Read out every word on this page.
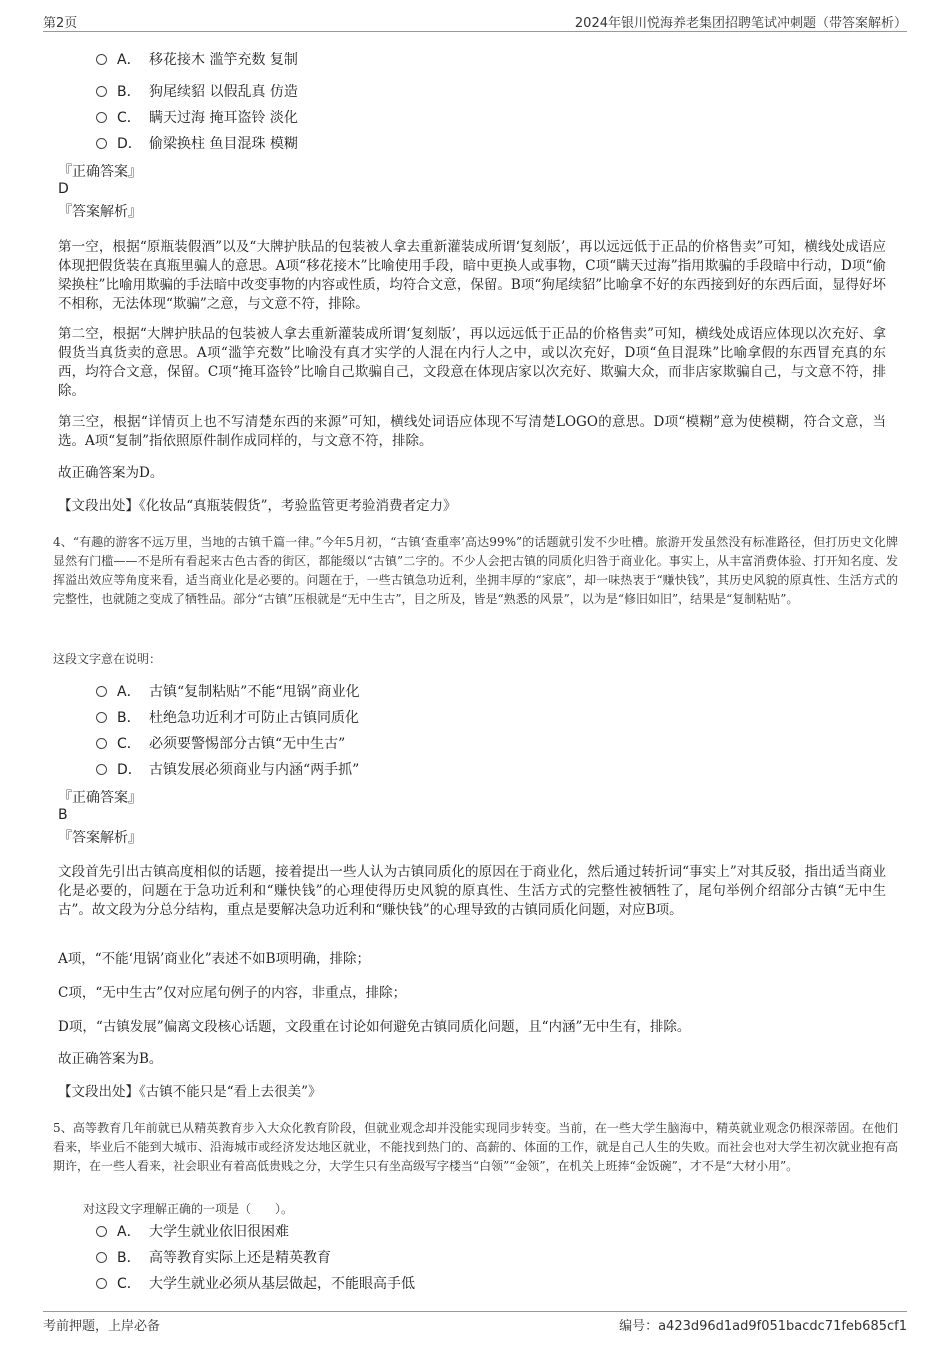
第2页	2024年银川悦海养老集团招聘笔试冲刺题（带答案解析）
A． 移花接木 滥竽充数 复制
B． 狗尾续貂 以假乱真 仿造
C． 瞒天过海 掩耳盗铃 淡化
D． 偷梁换柱 鱼目混珠 模糊
『正确答案』
D
『答案解析』
第一空，根据“原瓶装假酒”以及“大牌护肤品的包装被人拿去重新灌装成所谓‘复刻版’，再以远远低于正品的价格售卖”可知，横线处成语应体现把假货装在真瓶里骗人的意思。A项“移花接木”比喻使用手段，暗中更换人或事物，C项“瞒天过海”指用欺骗的手段暗中行动，D项“偷梁换柱”比喻用欺骗的手法暗中改变事物的内容或性质，均符合文意，保留。B项“狗尾续貂”比喻拿不好的东西接到好的东西后面，显得好坏不相称，无法体现“欺骗”之意，与文意不符，排除。
第二空，根据“大牌护肤品的包装被人拿去重新灌装成所谓‘复刻版’，再以远远低于正品的价格售卖”可知，横线处成语应体现以次充好、拿假货当真货卖的意思。A项“滥竽充数”比喻没有真才实学的人混在内行人之中，或以次充好，D项“鱼目混珠”比喻拿假的东西冒充真的东西，均符合文意，保留。C项“掩耳盗铃”比喻自己欺骗自己，文段意在体现店家以次充好、欺骗大众，而非店家欺骗自己，与文意不符，排除。
第三空，根据“详情页上也不写清楚东西的来源”可知，横线处词语应体现不写清楚LOGO的意思。D项“模糊”意为使模糊，符合文意，当选。A项“复制”指依照原件制作成同样的，与文意不符，排除。
故正确答案为D。
【文段出处】《化妆品“真瓶装假货”，考验监管更考验消费者定力》
4、“有趣的游客不远万里，当地的古镇千篇一律。”今年5月初，“古镇‘查重率’高达99%”的话题就引发不少吐槽。旅游开发虽然没有标准路径，但打历史文化牌显然有门槛——不是所有看起来古色古香的街区，都能缀以“古镇”二字的。不少人会把古镇的同质化归咎于商业化。事实上，从丰富消费体验、打开知名度、发挥溢出效应等角度来看，适当商业化是必要的。问题在于，一些古镇急功近利，坐拥丰厚的“家底”，却一味热衷于“赚快钱”，其历史风貌的原真性、生活方式的完整性，也就随之变成了牺牲品。部分“古镇”压根就是“无中生古”，目之所及，皆是“熟悉的风景”，以为是“修旧如旧”，结果是“复制粘贴”。
这段文字意在说明：
A． 古镇“复制粘贴”不能“甩锅”商业化
B． 杜绝急功近利才可防止古镇同质化
C． 必须要警惕部分古镇“无中生古”
D． 古镇发展必须商业与内涵“两手抓”
『正确答案』
B
『答案解析』
文段首先引出古镇高度相似的话题，接着提出一些人认为古镇同质化的原因在于商业化，然后通过转折词“事实上”对其反驳，指出适当商业化是必要的，问题在于急功近利和“赚快钱”的心理使得历史风貌的原真性、生活方式的完整性被牺牲了，尾句举例介绍部分古镇“无中生古”。故文段为分总分结构，重点是要解决急功近利和“赚快钱”的心理导致的古镇同质化问题，对应B项。
A项，“不能‘甩锅’商业化”表述不如B项明确，排除；
C项，“无中生古”仅对应尾句例子的内容，非重点，排除；
D项，“古镇发展”偏离文段核心话题，文段重在讨论如何避免古镇同质化问题，且“内涵”无中生有，排除。
故正确答案为B。
【文段出处】《古镇不能只是“看上去很美”》
5、高等教育几年前就已从精英教育步入大众化教育阶段，但就业观念却并没能实现同步转变。当前，在一些大学生脑海中，精英就业观念仍根深蒂固。在他们看来，毕业后不能到大城市、沿海城市或经济发达地区就业，不能找到热门的、高薪的、体面的工作，就是自己人生的失败。而社会也对大学生初次就业抱有高期许，在一些人看来，社会职业有着高低贵贱之分，大学生只有坐高级写字楼当“白领”“金领”，在机关上班捧“金饭碗”，才不是“大材小用”。
对这段文字理解正确的一项是（　　）。
A． 大学生就业依旧很困难
B． 高等教育实际上还是精英教育
C． 大学生就业必须从基层做起，不能眼高手低
考前押题，上岸必备	编号：a423d96d1ad9f051bacdc71feb685cf1
